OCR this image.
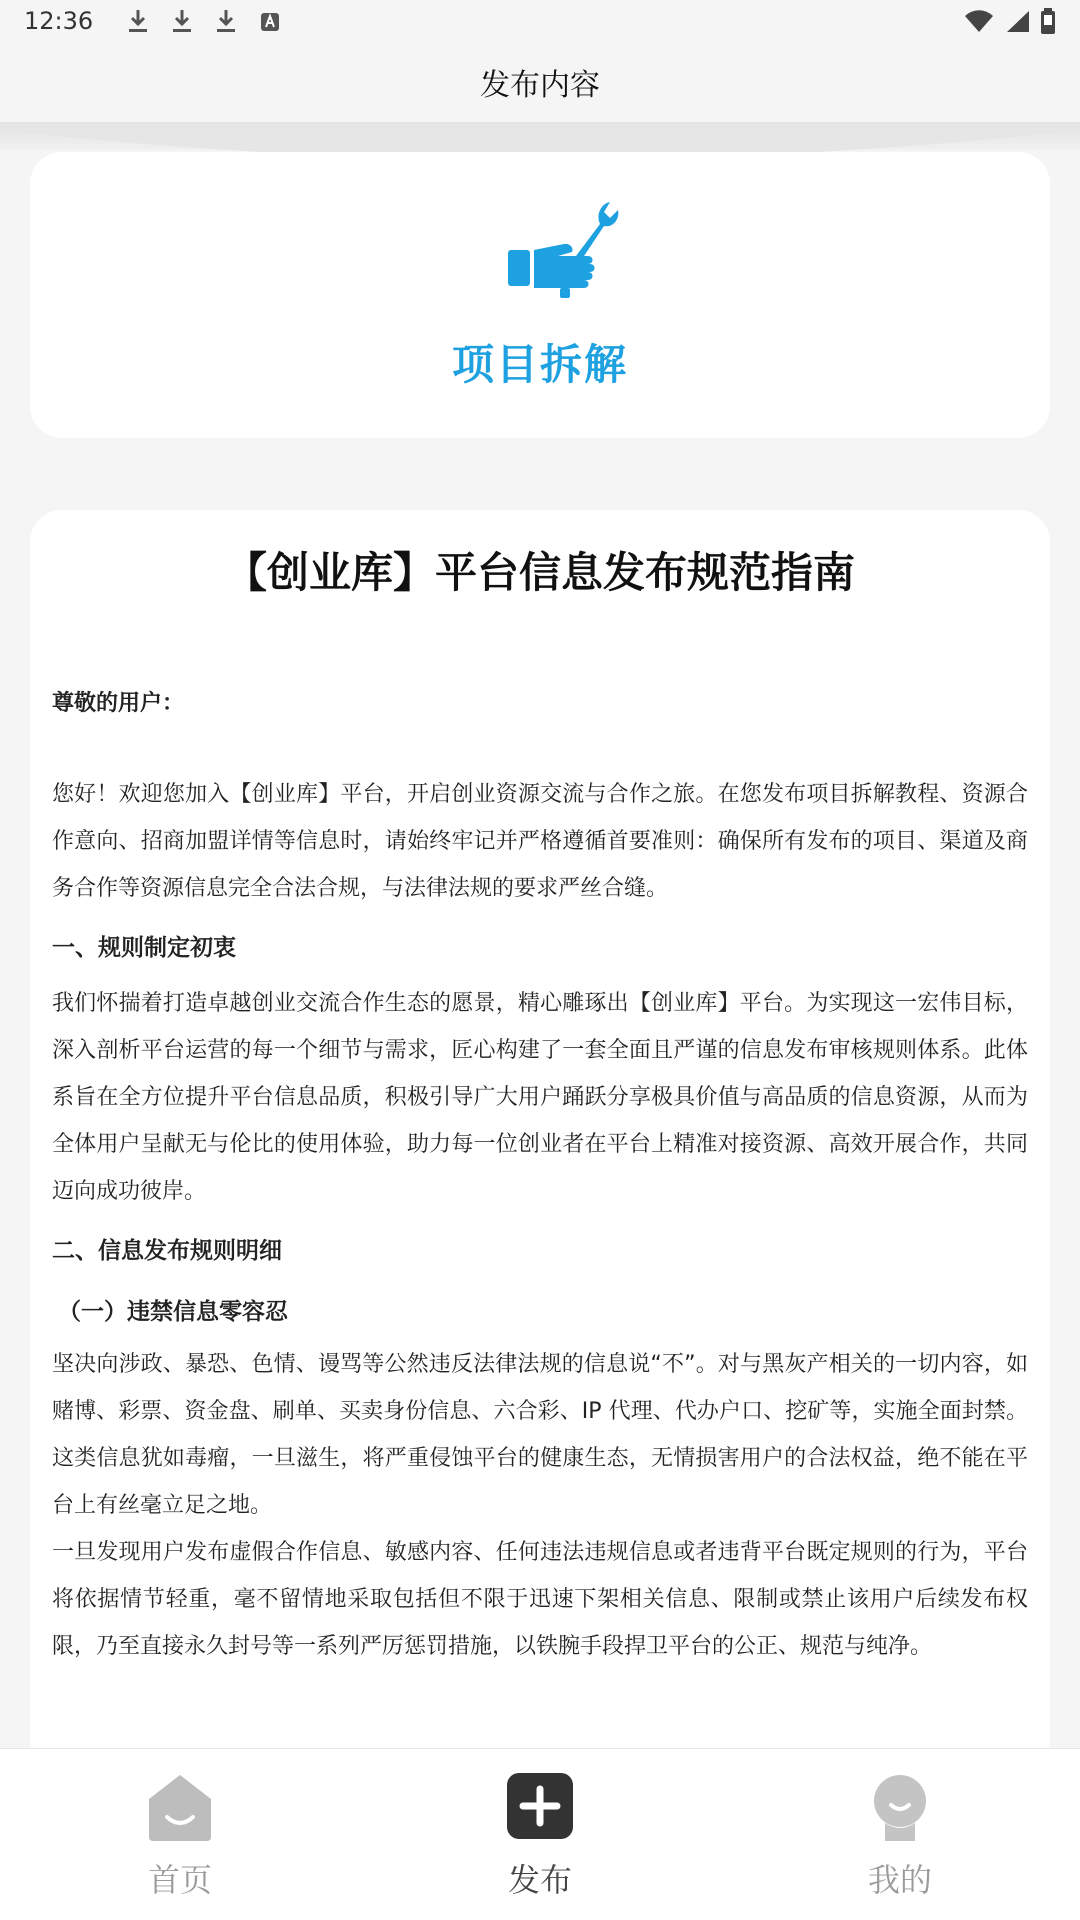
12:36
发布内容
项目拆解
【创业库】平台信息发布规范指南

尊敬的用户：

您好！欢迎您加入【创业库】平台，开启创业资源交流与合作之旅。在您发布项目拆解教程、资源合作意向、招商加盟详情等信息时，请始终牢记并严格遵循首要准则：确保所有发布的项目、渠道及商务合作等资源信息完全合法合规，与法律法规的要求严丝合缝。

一、规则制定初衷

我们怀揣着打造卓越创业交流合作生态的愿景，精心雕琢出【创业库】平台。为实现这一宏伟目标，深入剖析平台运营的每一个细节与需求，匠心构建了一套全面且严谨的信息发布审核规则体系。此体系旨在全方位提升平台信息品质，积极引导广大用户踊跃分享极具价值与高品质的信息资源，从而为全体用户呈献无与伦比的使用体验，助力每一位创业者在平台上精准对接资源、高效开展合作，共同迈向成功彼岸。

二、信息发布规则明细

（一）违禁信息零容忍

坚决向涉政、暴恐、色情、谩骂等公然违反法律法规的信息说“不”。对与黑灰产相关的一切内容，如赌博、彩票、资金盘、刷单、买卖身份信息、六合彩、IP 代理、代办户口、挖矿等，实施全面封禁。这类信息犹如毒瘤，一旦滋生，将严重侵蚀平台的健康生态，无情损害用户的合法权益，绝不能在平台上有丝毫立足之地。

一旦发现用户发布虚假合作信息、敏感内容、任何违法违规信息或者违背平台既定规则的行为，平台将依据情节轻重，毫不留情地采取包括但不限于迅速下架相关信息、限制或禁止该用户后续发布权限，乃至直接永久封号等一系列严厉惩罚措施，以铁腕手段捍卫平台的公正、规范与纯净。

首页	发布	我的
